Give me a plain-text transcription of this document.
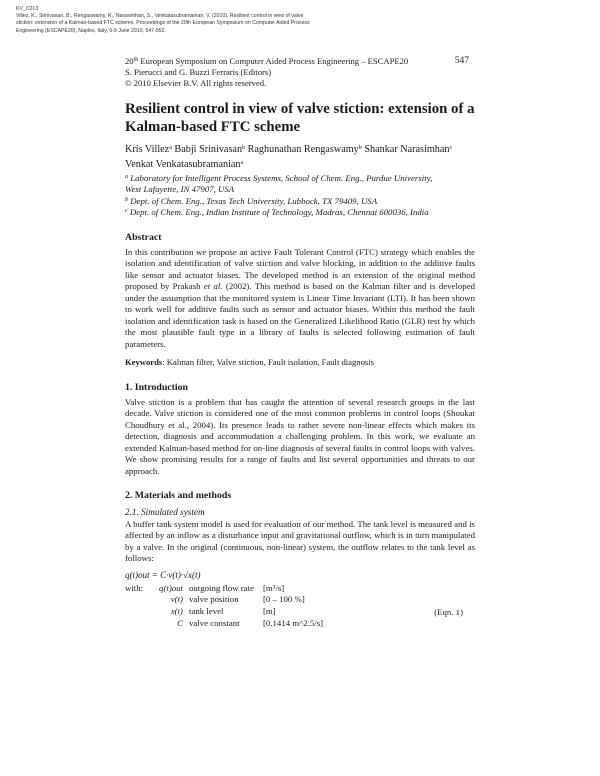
KV_C013
Villez, K., Srinivasan, B., Rengaswamy, R., Narasimhan, S., Venkatasubramanian, V. (2010). Resilient control in view of valve
stiction: extension of a Kalman-based FTC scheme. Proceedings of the 20th European Symposium on Computer Aided Process
Engineering (ESCAPE20), Naples, Italy, 6-9 June 2010, 547-552.
20th European Symposium on Computer Aided Process Engineering – ESCAPE20
S. Pierucci and G. Buzzi Ferraris (Editors)
© 2010 Elsevier B.V. All rights reserved.
547
Resilient control in view of valve stiction: extension of a Kalman-based FTC scheme
Kris Villez$^a$ Babji Srinivasan$^b$ Raghunathan Rengaswamy$^b$ Shankar Narasimhan$^c$ Venkat Venkatasubramanian$^a$
$^a$ Laboratory for Intelligent Process Systems, School of Chem. Eng., Purdue University,
West Lafayette, IN 47907, USA
$^b$ Dept. of Chem. Eng., Texas Tech University, Lubbock, TX 79409, USA
$^c$ Dept. of Chem. Eng., Indian Institute of Technology, Madras, Chennai 600036, India
Abstract

In this contribution we propose an active Fault Tolerant Control (FTC) strategy which enables the isolation and identification of valve stiction and valve blocking, in addition to the additive faults like sensor and actuator biases. The developed method is an extension of the original method proposed by Prakash et al. (2002). This method is based on the Kalman filter and is developed under the assumption that the monitored system is Linear Time Invariant (LTI). It has been shown to work well for additive faults such as sensor and actuator biases. Within this method the fault isolation and identification task is based on the Generalized Likelihood Ratio (GLR) test by which the most plausible fault type in a library of faults is selected following estimation of fault parameters.

Keywords: Kalman filter, Valve stiction, Fault isolation, Fault diagnosis
1. Introduction

Valve stiction is a problem that has caught the attention of several research groups in the last decade. Valve stiction is considered one of the most common problems in control loops (Shoukat Choudhury et al., 2004). Its presence leads to rather severe non-linear effects which makes its detection, diagnosis and accommodation a challenging problem. In this work, we evaluate an extended Kalman-based method for on-line diagnosis of several faults in control loops with valves. We show promising results for a range of faults and list several opportunities and threats to our approach.

2. Materials and methods
2.1. Simulated system

A buffer tank system model is used for evaluation of our method. The tank level is measured and is affected by an inflow as a disturbance input and gravitational outflow, which is in turn manipulated by a valve. In the original (continuous, non-linear) system, the outflow relates to the tank level as follows:

q(t)out = C·v(t)·√x(t)
with: q(t)out outgoing flow rate	[m³/s]
v(t) valve position	[0 – 100 %]
x(t) tank level	[m]
C valve constant	[0.1414 m^2.5/s]
(Eqn. 1)
